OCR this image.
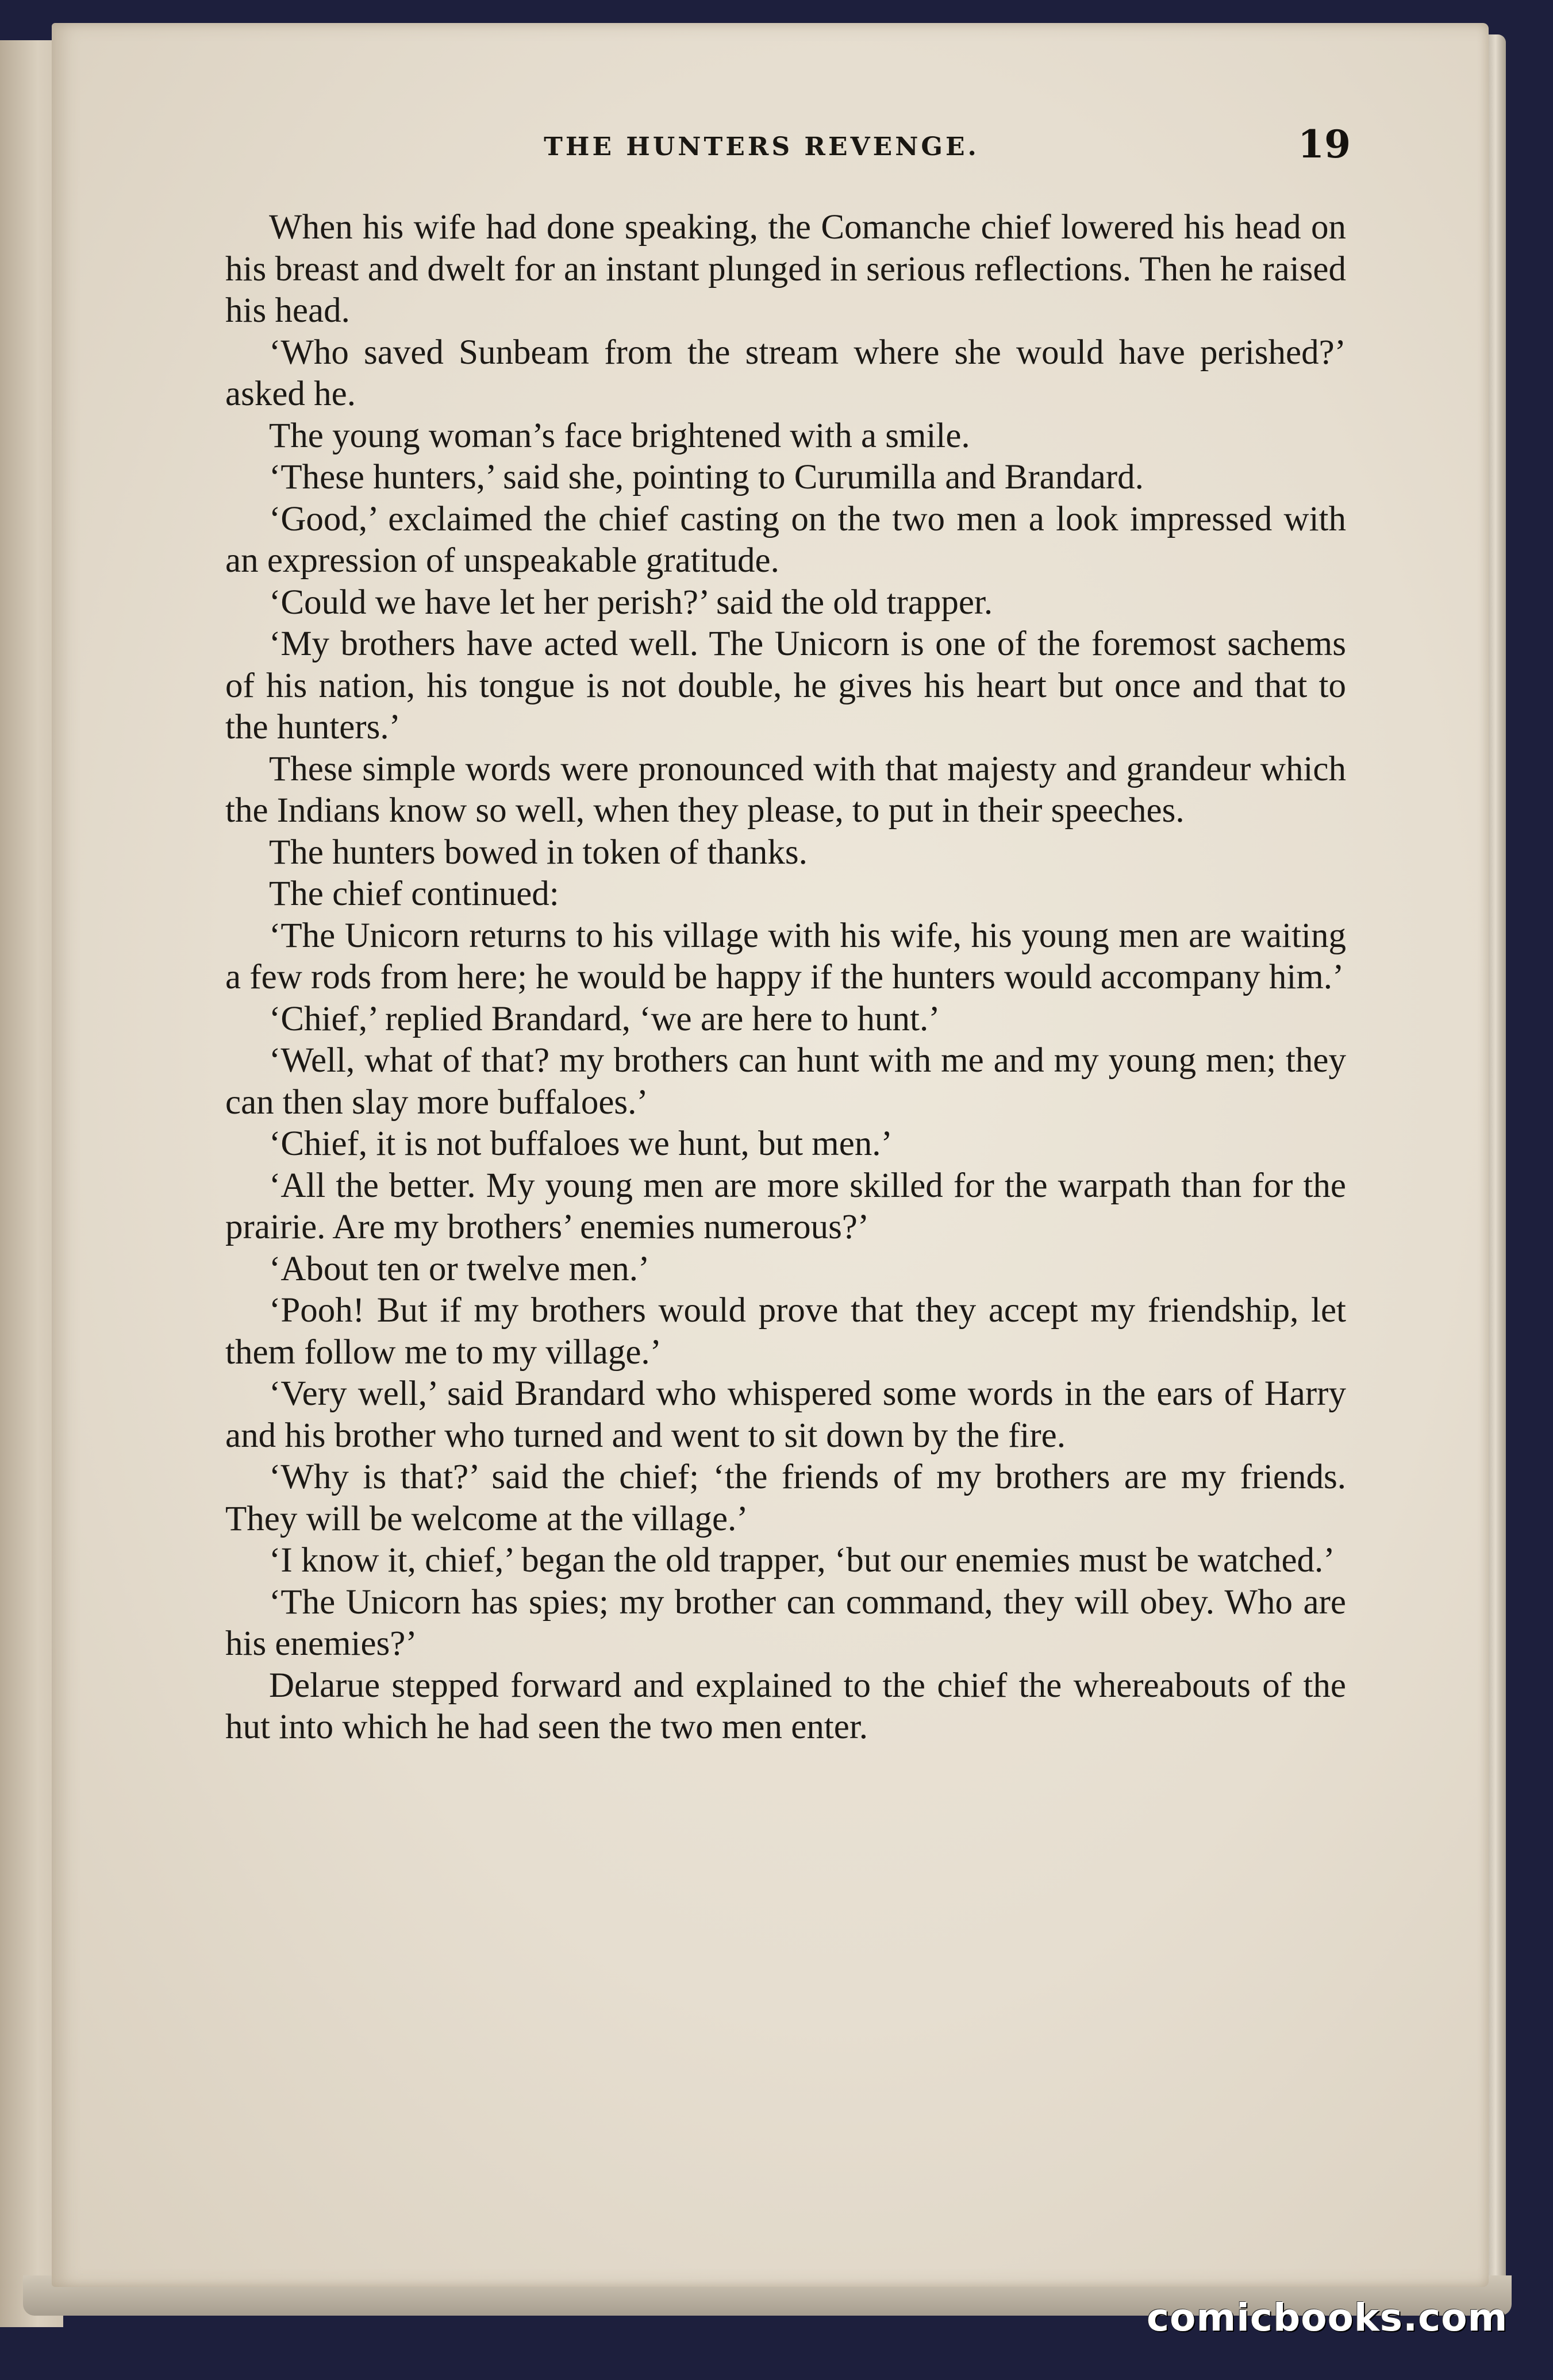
THE HUNTERS REVENGE.	19

When his wife had done speaking, the Comanche chief lowered his head on his breast and dwelt for an instant plunged in serious reflections. Then he raised his head.

‘Who saved Sunbeam from the stream where she would have perished?’ asked he.

The young woman’s face brightened with a smile.

‘These hunters,’ said she, pointing to Curumilla and Brandard.

‘Good,’ exclaimed the chief casting on the two men a look impressed with an expression of unspeakable gratitude.

‘Could we have let her perish?’ said the old trapper.

‘My brothers have acted well. The Unicorn is one of the foremost sachems of his nation, his tongue is not double, he gives his heart but once and that to the hunters.’

These simple words were pronounced with that majesty and grandeur which the Indians know so well, when they please, to put in their speeches.

The hunters bowed in token of thanks.

The chief continued:

‘The Unicorn returns to his village with his wife, his young men are waiting a few rods from here; he would be happy if the hunters would accompany him.’

‘Chief,’ replied Brandard, ‘we are here to hunt.’

‘Well, what of that? my brothers can hunt with me and my young men; they can then slay more buffaloes.’

‘Chief, it is not buffaloes we hunt, but men.’

‘All the better. My young men are more skilled for the warpath than for the prairie. Are my brothers’ enemies numerous?’

‘About ten or twelve men.’

‘Pooh! But if my brothers would prove that they accept my friendship, let them follow me to my village.’

‘Very well,’ said Brandard who whispered some words in the ears of Harry and his brother who turned and went to sit down by the fire.

‘Why is that?’ said the chief; ‘the friends of my brothers are my friends. They will be welcome at the village.’

‘I know it, chief,’ began the old trapper, ‘but our enemies must be watched.’

‘The Unicorn has spies; my brother can command, they will obey. Who are his enemies?’

Delarue stepped forward and explained to the chief the whereabouts of the hut into which he had seen the two men enter.

comicbooks.com
